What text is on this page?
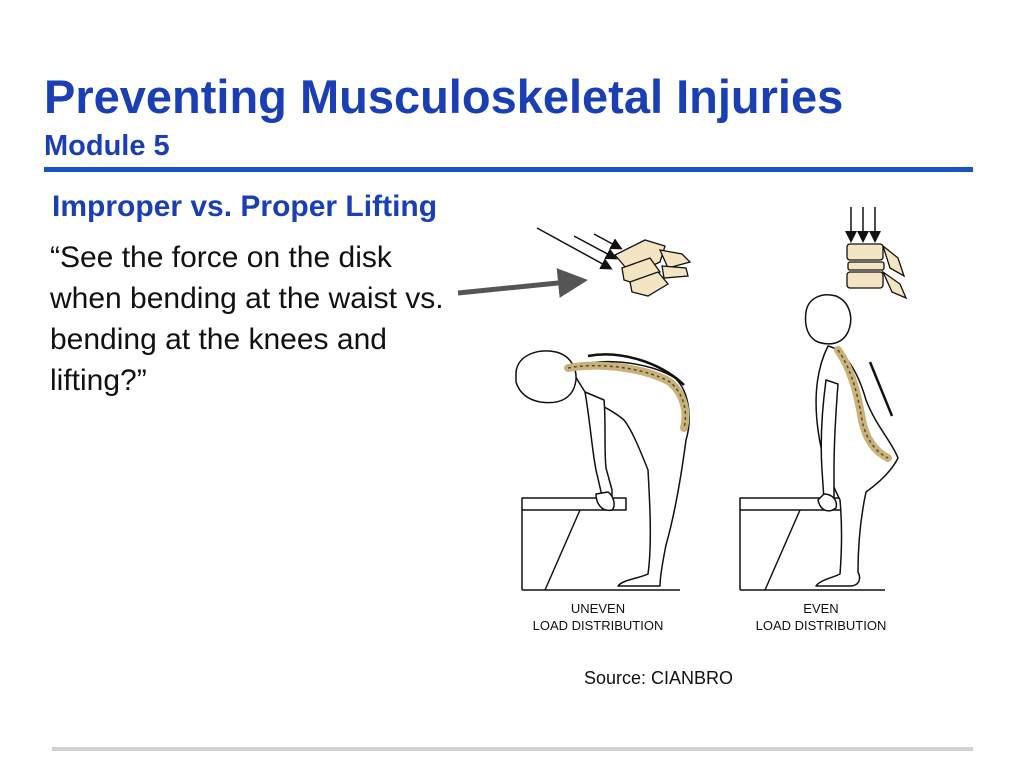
Preventing Musculoskeletal Injuries
Module 5
Improper vs. Proper Lifting

“See the force on the disk when bending at the waist vs. bending at the knees and lifting?”

UNEVEN
LOAD DISTRIBUTION
EVEN
LOAD DISTRIBUTION
Source: CIANBRO
